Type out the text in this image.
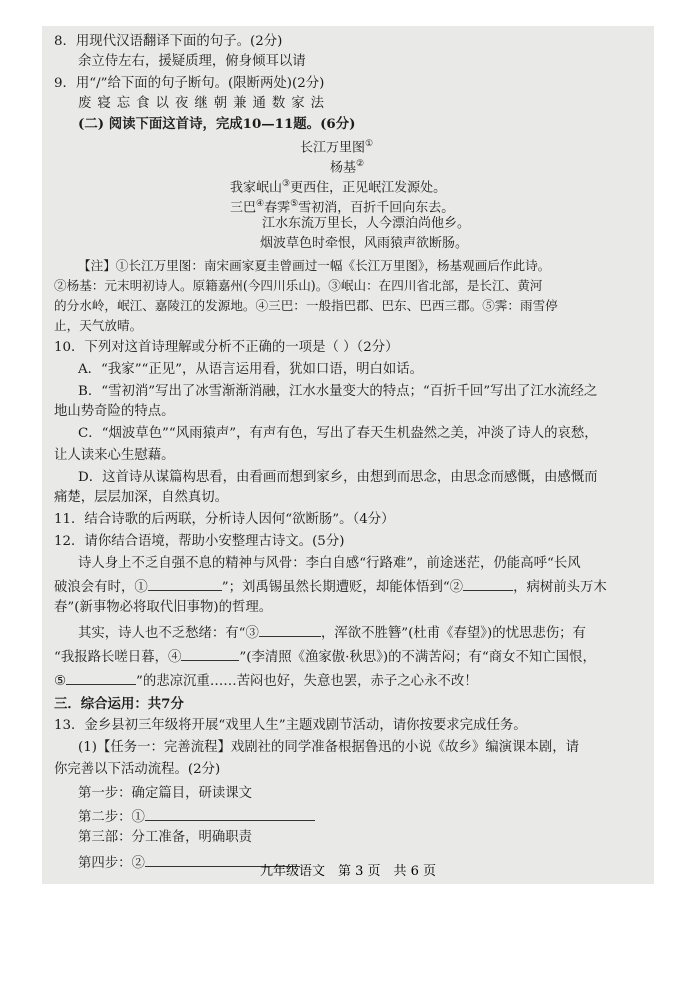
8．用现代汉语翻译下面的句子。(2分)
余立侍左右，援疑质理，俯身倾耳以请
9．用“/”给下面的句子断句。(限断两处)(2分)
废寝忘食以夜继朝兼通数家法
(二) 阅读下面这首诗，完成10—11题。(6分)
长江万里图①
杨基②
我家岷山③更西住，正见岷江发源处。
三巴④春霁⑤雪初消，百折千回向东去。
江水东流万里长，人今漂泊尚他乡。
烟波草色时牵恨，风雨猿声欲断肠。
【注】①长江万里图：南宋画家夏圭曾画过一幅《长江万里图》，杨基观画后作此诗。
②杨基：元末明初诗人。原籍嘉州(今四川乐山)。③岷山：在四川省北部，是长江、黄河
的分水岭，岷江、嘉陵江的发源地。④三巴：一般指巴郡、巴东、巴西三郡。⑤霁：雨雪停
止，天气放晴。
10．下列对这首诗理解或分析不正确的一项是（ ）（2分）
A．“我家”“正见”，从语言运用看，犹如口语，明白如话。
B．“雪初消”写出了冰雪渐渐消融，江水水量变大的特点；“百折千回”写出了江水流经之
地山势奇险的特点。
C．“烟波草色”“风雨猿声”，有声有色，写出了春天生机盎然之美，冲淡了诗人的哀愁，
让人读来心生慰藉。
D．这首诗从谋篇构思看，由看画而想到家乡，由想到而思念，由思念而感慨，由感慨而
痛楚，层层加深，自然真切。
11．结合诗歌的后两联，分析诗人因何“欲断肠”。（4分）
12．请你结合语境，帮助小安整理古诗文。(5分)
诗人身上不乏自强不息的精神与风骨：李白自感“行路难”，前途迷茫，仍能高呼“长风
破浪会有时，①	”；刘禹锡虽然长期遭贬，却能体悟到“②	，病树前头万木
春”(新事物必将取代旧事物)的哲理。
其实，诗人也不乏愁绪：有“③	，浑欲不胜簪”(杜甫《春望》)的忧思悲伤；有
“我报路长嗟日暮，④	”(李清照《渔家傲·秋思》)的不满苦闷；有“商女不知亡国恨，
⑤	”的悲凉沉重……苦闷也好，失意也罢，赤子之心永不改！
三．综合运用：共7分
13．金乡县初三年级将开展“戏里人生”主题戏剧节活动，请你按要求完成任务。
(1)【任务一：完善流程】戏剧社的同学准备根据鲁迅的小说《故乡》编演课本剧，请
你完善以下活动流程。(2分)
第一步：确定篇目，研读课文
第二步：①
第三部：分工准备，明确职责
第四步：②
九年级语文　第 3 页　共 6 页
